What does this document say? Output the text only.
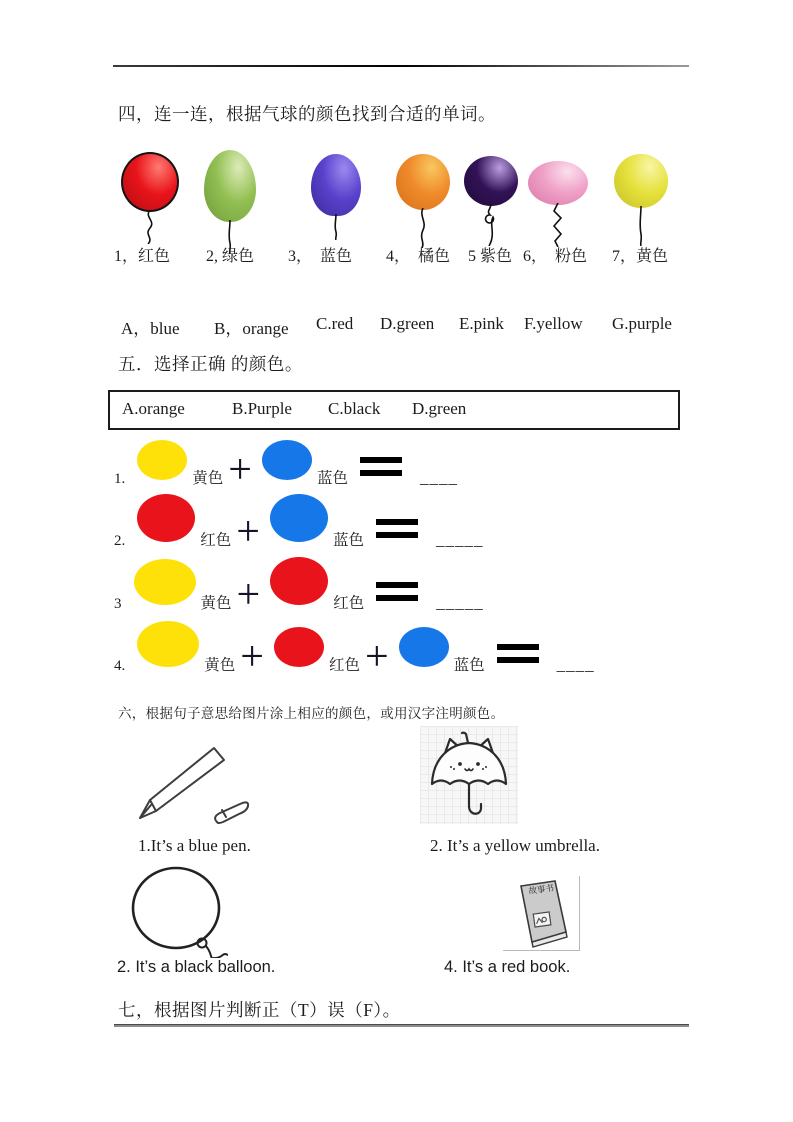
四，连一连，根据气球的颜色找到合适的单词。
1，红色 2, 绿色 3，  蓝色 4，  橘色 5 紫色 6，  粉色 7，黄色
A，blue B，orange C.red D.green E.pink F.yellow G.purple
五．选择正确 的颜色。
A.orange	B.Purple C.black D.green
1.	黄色 +	蓝色	____
2.	红色 +	蓝色	_____
3	黄色 +	红色	_____
4.	黄色 +	红色 +	蓝色	____
六，根据句子意思给图片涂上相应的颜色，或用汉字注明颜色。
1.It’s a blue pen.	2. It’s a yellow umbrella.
故事书
2. It’s a black balloon.	4. It’s a red book.
七，根据图片判断正（T）误（F）。
